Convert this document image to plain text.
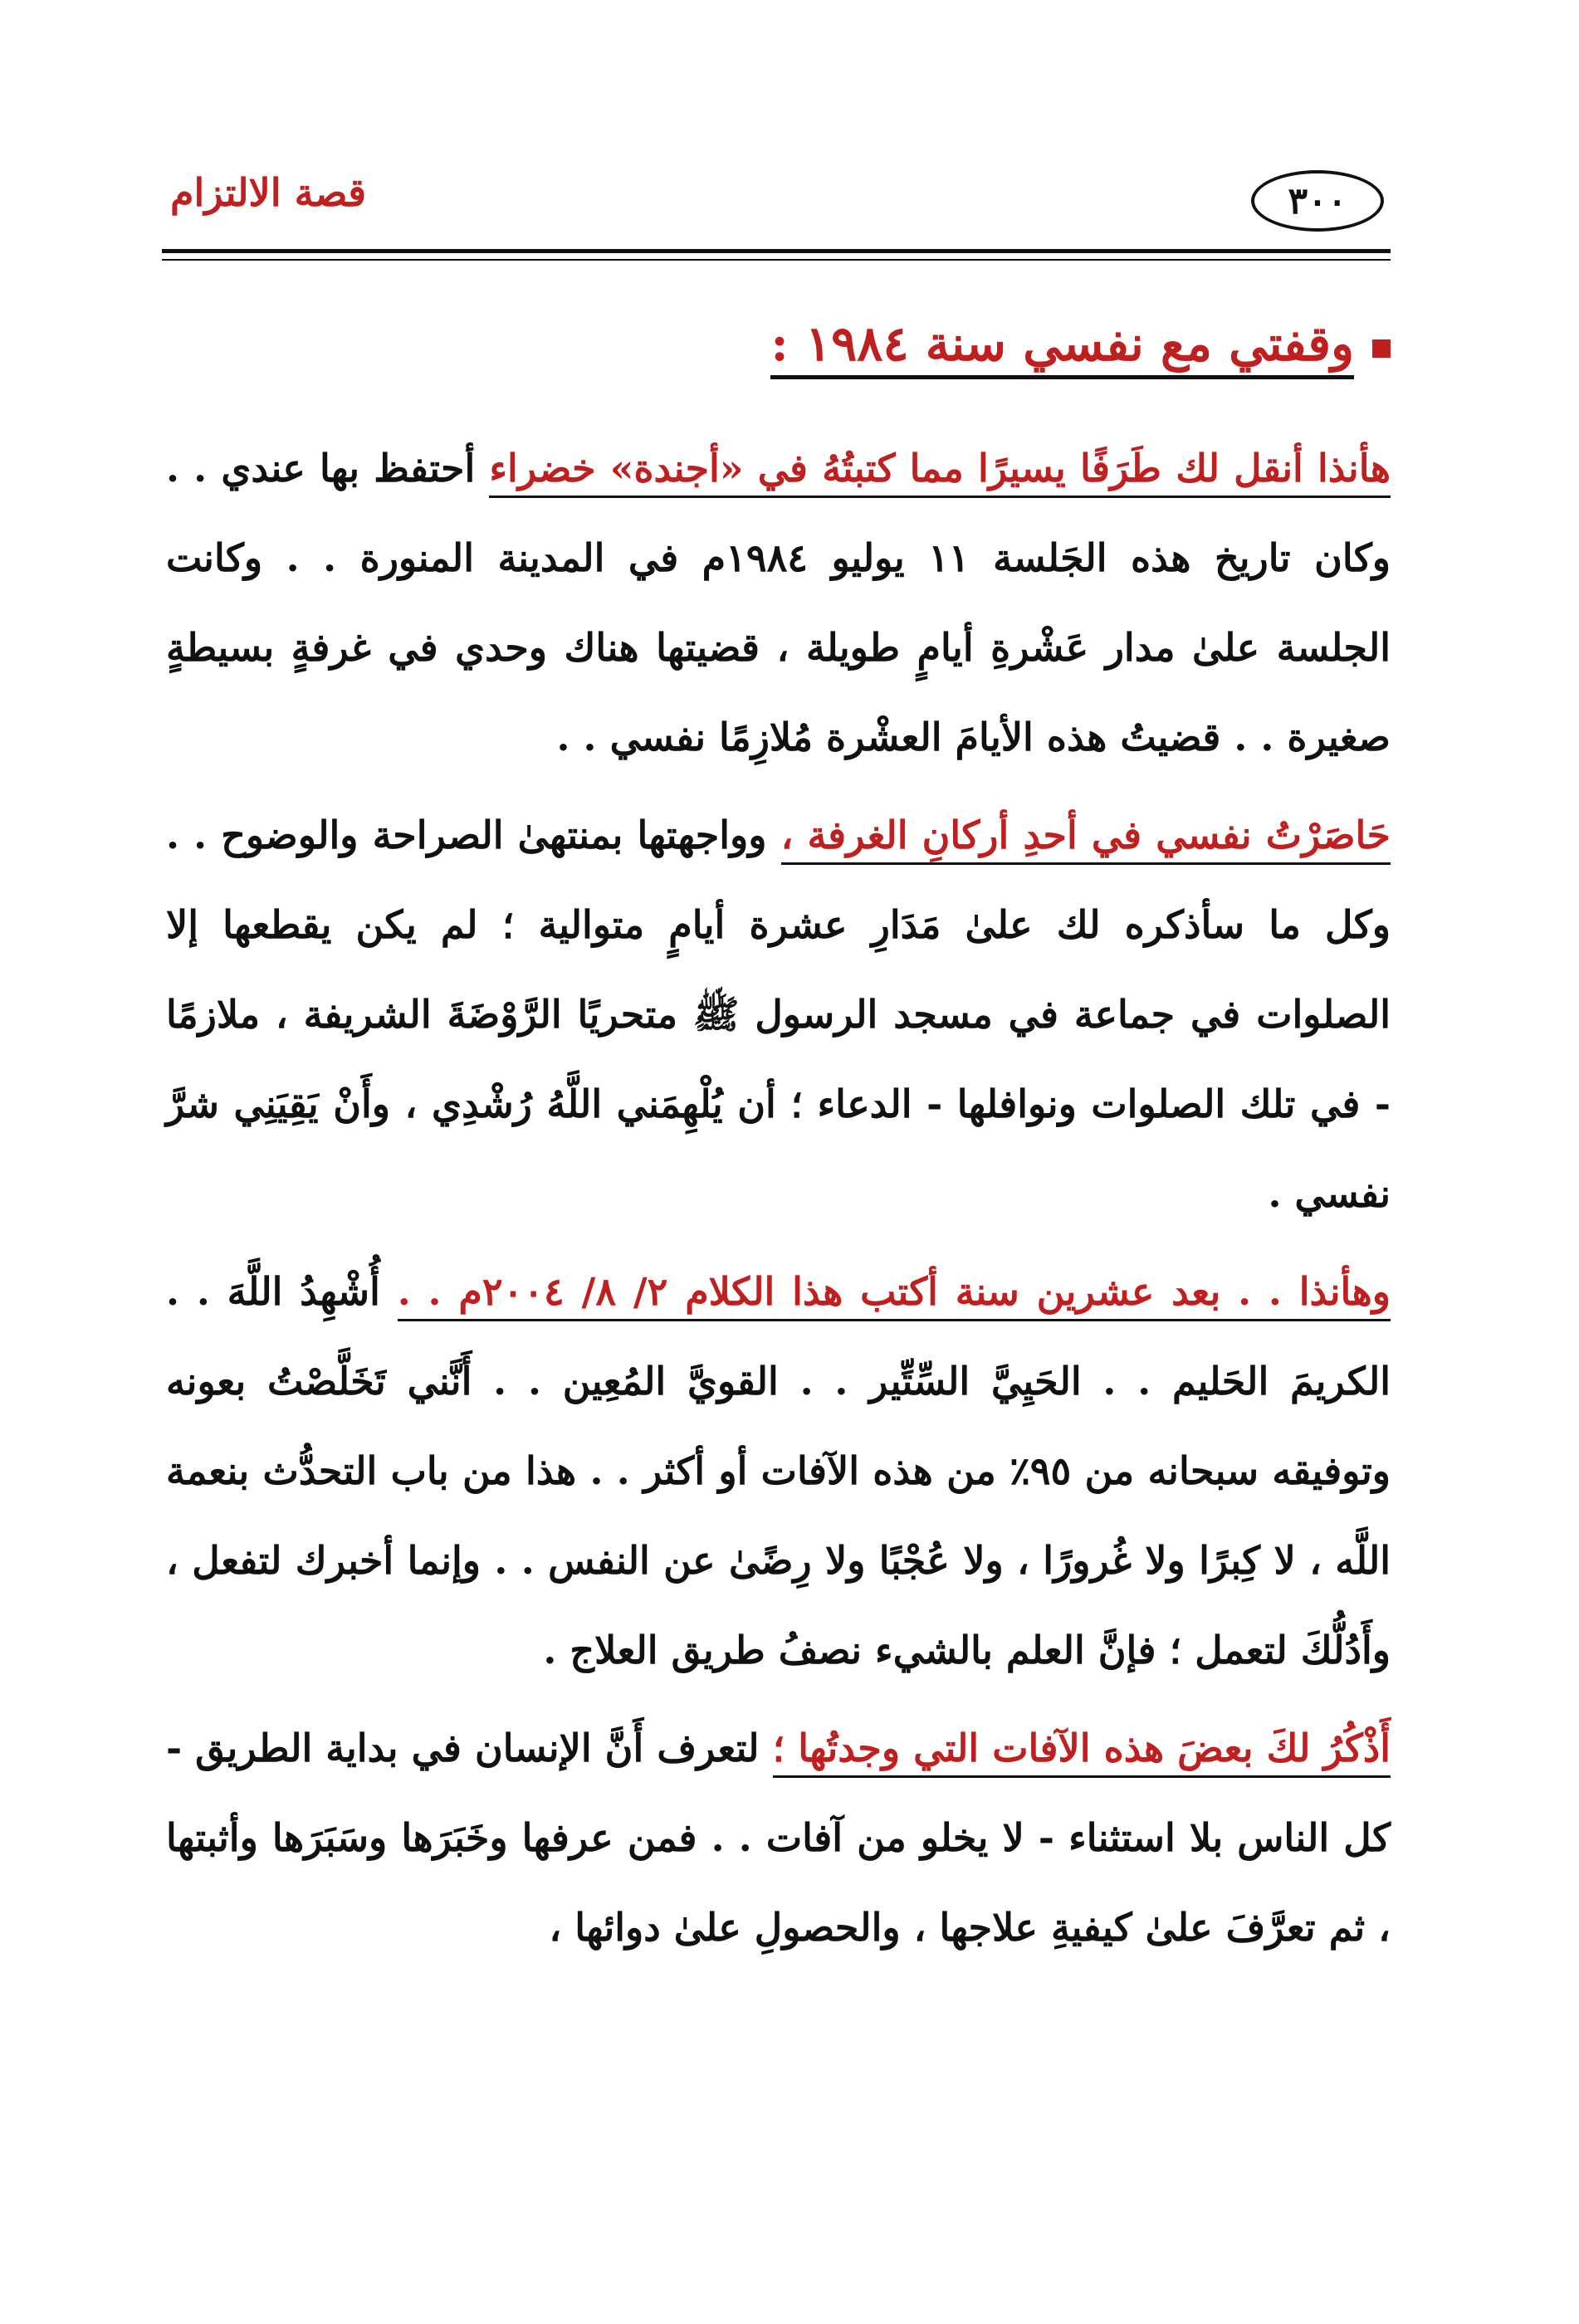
٣٠٠
قصة الالتزام
وقفتي مع نفسي سنة ١٩٨٤ :

هأنذا أنقل لك طَرَفًا يسيرًا مما كتبتُهُ في «أجندة» خضراء أحتفظ بها عندي . . وكان تاريخ هذه الجَلسة ١١ يوليو ١٩٨٤م في المدينة المنورة . . وكانت الجلسة علىٰ مدار عَشْرةِ أيامٍ طويلة ، قضيتها هناك وحدي في غرفةٍ بسيطةٍ صغيرة . . قضيتُ هذه الأيامَ العشْرة مُلازِمًا نفسي . .

حَاصَرْتُ نفسي في أحدِ أركانِ الغرفة ، وواجهتها بمنتهىٰ الصراحة والوضوح . . وكل ما سأذكره لك علىٰ مَدَارِ عشرة أيامٍ متوالية ؛ لم يكن يقطعها إلا الصلوات في جماعة في مسجد الرسول ﷺ متحريًا الرَّوْضَةَ الشريفة ، ملازمًا - في تلك الصلوات ونوافلها - الدعاء ؛ أن يُلْهِمَني اللَّهُ رُشْدِي ، وأَنْ يَقِيَنِي شرَّ نفسي .

وهأنذا . . بعد عشرين سنة أكتب هذا الكلام ٢/ ٨/ ٢٠٠٤م . . أُشْهِدُ اللَّهَ . . الكريمَ الحَليم . . الحَيِيَّ السِّتِّير . . القويَّ المُعِين . . أَنَّني تَخَلَّصْتُ بعونه وتوفيقه سبحانه من ٩٥٪ من هذه الآفات أو أكثر . . هذا من باب التحدُّث بنعمة اللَّه ، لا كِبرًا ولا غُرورًا ، ولا عُجْبًا ولا رِضًىٰ عن النفس . . وإنما أخبرك لتفعل ، وأَدُلُّكَ لتعمل ؛ فإنَّ العلم بالشيء نصفُ طريق العلاج .

أَذْكُرُ لكَ بعضَ هذه الآفات التي وجدتُها ؛ لتعرف أَنَّ الإنسان في بداية الطريق - كل الناس بلا استثناء - لا يخلو من آفات . . فمن عرفها وخَبَرَها وسَبَرَها وأثبتها ، ثم تعرَّفَ علىٰ كيفيةِ علاجها ، والحصولِ علىٰ دوائها ،
